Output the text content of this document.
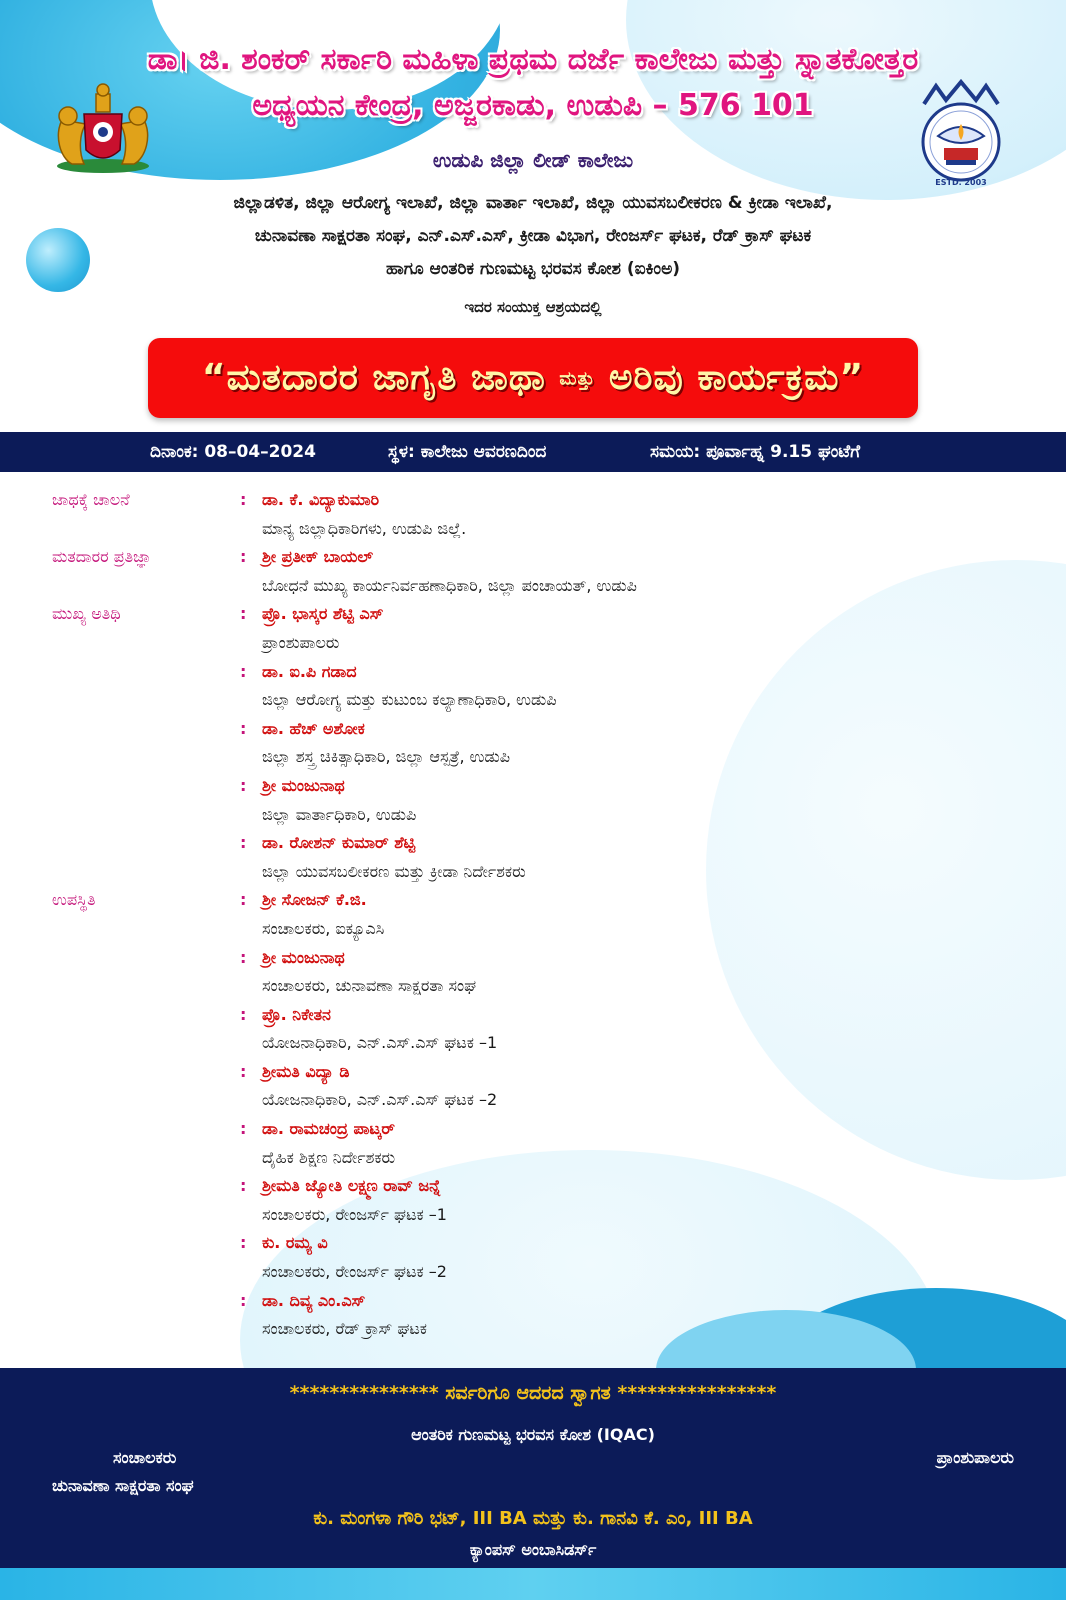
ESTD. 2003
ಡಾ। ಜಿ. ಶಂಕರ್ ಸರ್ಕಾರಿ ಮಹಿಳಾ ಪ್ರಥಮ ದರ್ಜೆ ಕಾಲೇಜು ಮತ್ತು ಸ್ನಾತಕೋತ್ತರ
ಅಧ್ಯಯನ ಕೇಂದ್ರ, ಅಜ್ಜರಕಾಡು, ಉಡುಪಿ – 576 101
ಉಡುಪಿ ಜಿಲ್ಲಾ ಲೀಡ್ ಕಾಲೇಜು
ಜಿಲ್ಲಾಡಳಿತ, ಜಿಲ್ಲಾ ಆರೋಗ್ಯ ಇಲಾಖೆ, ಜಿಲ್ಲಾ ವಾರ್ತಾ ಇಲಾಖೆ, ಜಿಲ್ಲಾ ಯುವಸಬಲೀಕರಣ & ಕ್ರೀಡಾ ಇಲಾಖೆ,
ಚುನಾವಣಾ ಸಾಕ್ಷರತಾ ಸಂಘ, ಎನ್.ಎಸ್.ಎಸ್, ಕ್ರೀಡಾ ವಿಭಾಗ, ರೇಂಜರ್ಸ್ ಘಟಕ, ರೆಡ್ ಕ್ರಾಸ್ ಘಟಕ
ಹಾಗೂ ಆಂತರಿಕ ಗುಣಮಟ್ಟ ಭರವಸ ಕೋಶ (ಐಕಿಂಅ)
ಇದರ ಸಂಯುಕ್ತ ಆಶ್ರಯದಲ್ಲಿ
“ಮತದಾರರ ಜಾಗೃತಿ ಜಾಥಾ ಮತ್ತು ಅರಿವು ಕಾರ್ಯಕ್ರಮ”
ದಿನಾಂಕ: 08–04–2024	ಸ್ಥಳ: ಕಾಲೇಜು ಆವರಣದಿಂದ	ಸಮಯ: ಪೂರ್ವಾಹ್ನ 9.15 ಘಂಟೆಗೆ
ಜಾಥಕ್ಕೆ ಚಾಲನೆ	: ಡಾ. ಕೆ. ವಿದ್ಯಾಕುಮಾರಿ
ಮಾನ್ಯ ಜಿಲ್ಲಾಧಿಕಾರಿಗಳು, ಉಡುಪಿ ಜಿಲ್ಲೆ.
ಮತದಾರರ ಪ್ರತಿಜ್ಞಾ	: ಶ್ರೀ ಪ್ರತೀಕ್ ಬಾಯಲ್
ಬೋಧನೆ ಮುಖ್ಯ ಕಾರ್ಯನಿರ್ವಹಣಾಧಿಕಾರಿ, ಜಿಲ್ಲಾ ಪಂಚಾಯತ್, ಉಡುಪಿ
ಮುಖ್ಯ ಅತಿಥಿ	: ಪ್ರೊ. ಭಾಸ್ಕರ ಶೆಟ್ಟಿ ಎಸ್
ಪ್ರಾಂಶುಪಾಲರು
: ಡಾ. ಐ.ಪಿ ಗಡಾದ
ಜಿಲ್ಲಾ ಆರೋಗ್ಯ ಮತ್ತು ಕುಟುಂಬ ಕಲ್ಯಾಣಾಧಿಕಾರಿ, ಉಡುಪಿ
: ಡಾ. ಹೆಚ್ ಅಶೋಕ
ಜಿಲ್ಲಾ ಶಸ್ತ್ರ ಚಿಕಿತ್ಸಾಧಿಕಾರಿ, ಜಿಲ್ಲಾ ಆಸ್ಪತ್ರೆ, ಉಡುಪಿ
: ಶ್ರೀ ಮಂಜುನಾಥ
ಜಿಲ್ಲಾ ವಾರ್ತಾಧಿಕಾರಿ, ಉಡುಪಿ
: ಡಾ. ರೋಶನ್ ಕುಮಾರ್ ಶೆಟ್ಟಿ
ಜಿಲ್ಲಾ ಯುವಸಬಲೀಕರಣ ಮತ್ತು ಕ್ರೀಡಾ ನಿರ್ದೇಶಕರು
ಉಪಸ್ಥಿತಿ	: ಶ್ರೀ ಸೋಜನ್ ಕೆ.ಜಿ.
ಸಂಚಾಲಕರು, ಐಕ್ಯೂಎಸಿ
: ಶ್ರೀ ಮಂಜುನಾಥ
ಸಂಚಾಲಕರು, ಚುನಾವಣಾ ಸಾಕ್ಷರತಾ ಸಂಘ
: ಪ್ರೊ. ನಿಕೇತನ
ಯೋಜನಾಧಿಕಾರಿ, ಎನ್.ಎಸ್.ಎಸ್ ಘಟಕ –1
: ಶ್ರೀಮತಿ ವಿದ್ಯಾ ಡಿ
ಯೋಜನಾಧಿಕಾರಿ, ಎನ್.ಎಸ್.ಎಸ್ ಘಟಕ –2
: ಡಾ. ರಾಮಚಂದ್ರ ಪಾಟ್ಕರ್
ದೈಹಿಕ ಶಿಕ್ಷಣ ನಿರ್ದೇಶಕರು
: ಶ್ರೀಮತಿ ಜ್ಯೋತಿ ಲಕ್ಷ್ಮಣ ರಾವ್ ಜನ್ನೆ
ಸಂಚಾಲಕರು, ರೇಂಜರ್ಸ್ ಘಟಕ –1
: ಕು. ರಮ್ಯ ವಿ
ಸಂಚಾಲಕರು, ರೇಂಜರ್ಸ್ ಘಟಕ –2
: ಡಾ. ದಿವ್ಯ ಎಂ.ಎಸ್
ಸಂಚಾಲಕರು, ರೆಡ್ ಕ್ರಾಸ್ ಘಟಕ
*************** ಸರ್ವರಿಗೂ ಆದರದ ಸ್ವಾಗತ ****************
ಆಂತರಿಕ ಗುಣಮಟ್ಟ ಭರವಸ ಕೋಶ (IQAC)
ಸಂಚಾಲಕರು
ಚುನಾವಣಾ ಸಾಕ್ಷರತಾ ಸಂಘ
ಪ್ರಾಂಶುಪಾಲರು
ಕು. ಮಂಗಳಾ ಗೌರಿ ಭಟ್, III BA ಮತ್ತು ಕು. ಗಾನವಿ ಕೆ. ಎಂ, III BA
ಕ್ಯಾಂಪಸ್ ಅಂಬಾಸಿಡರ್ಸ್
